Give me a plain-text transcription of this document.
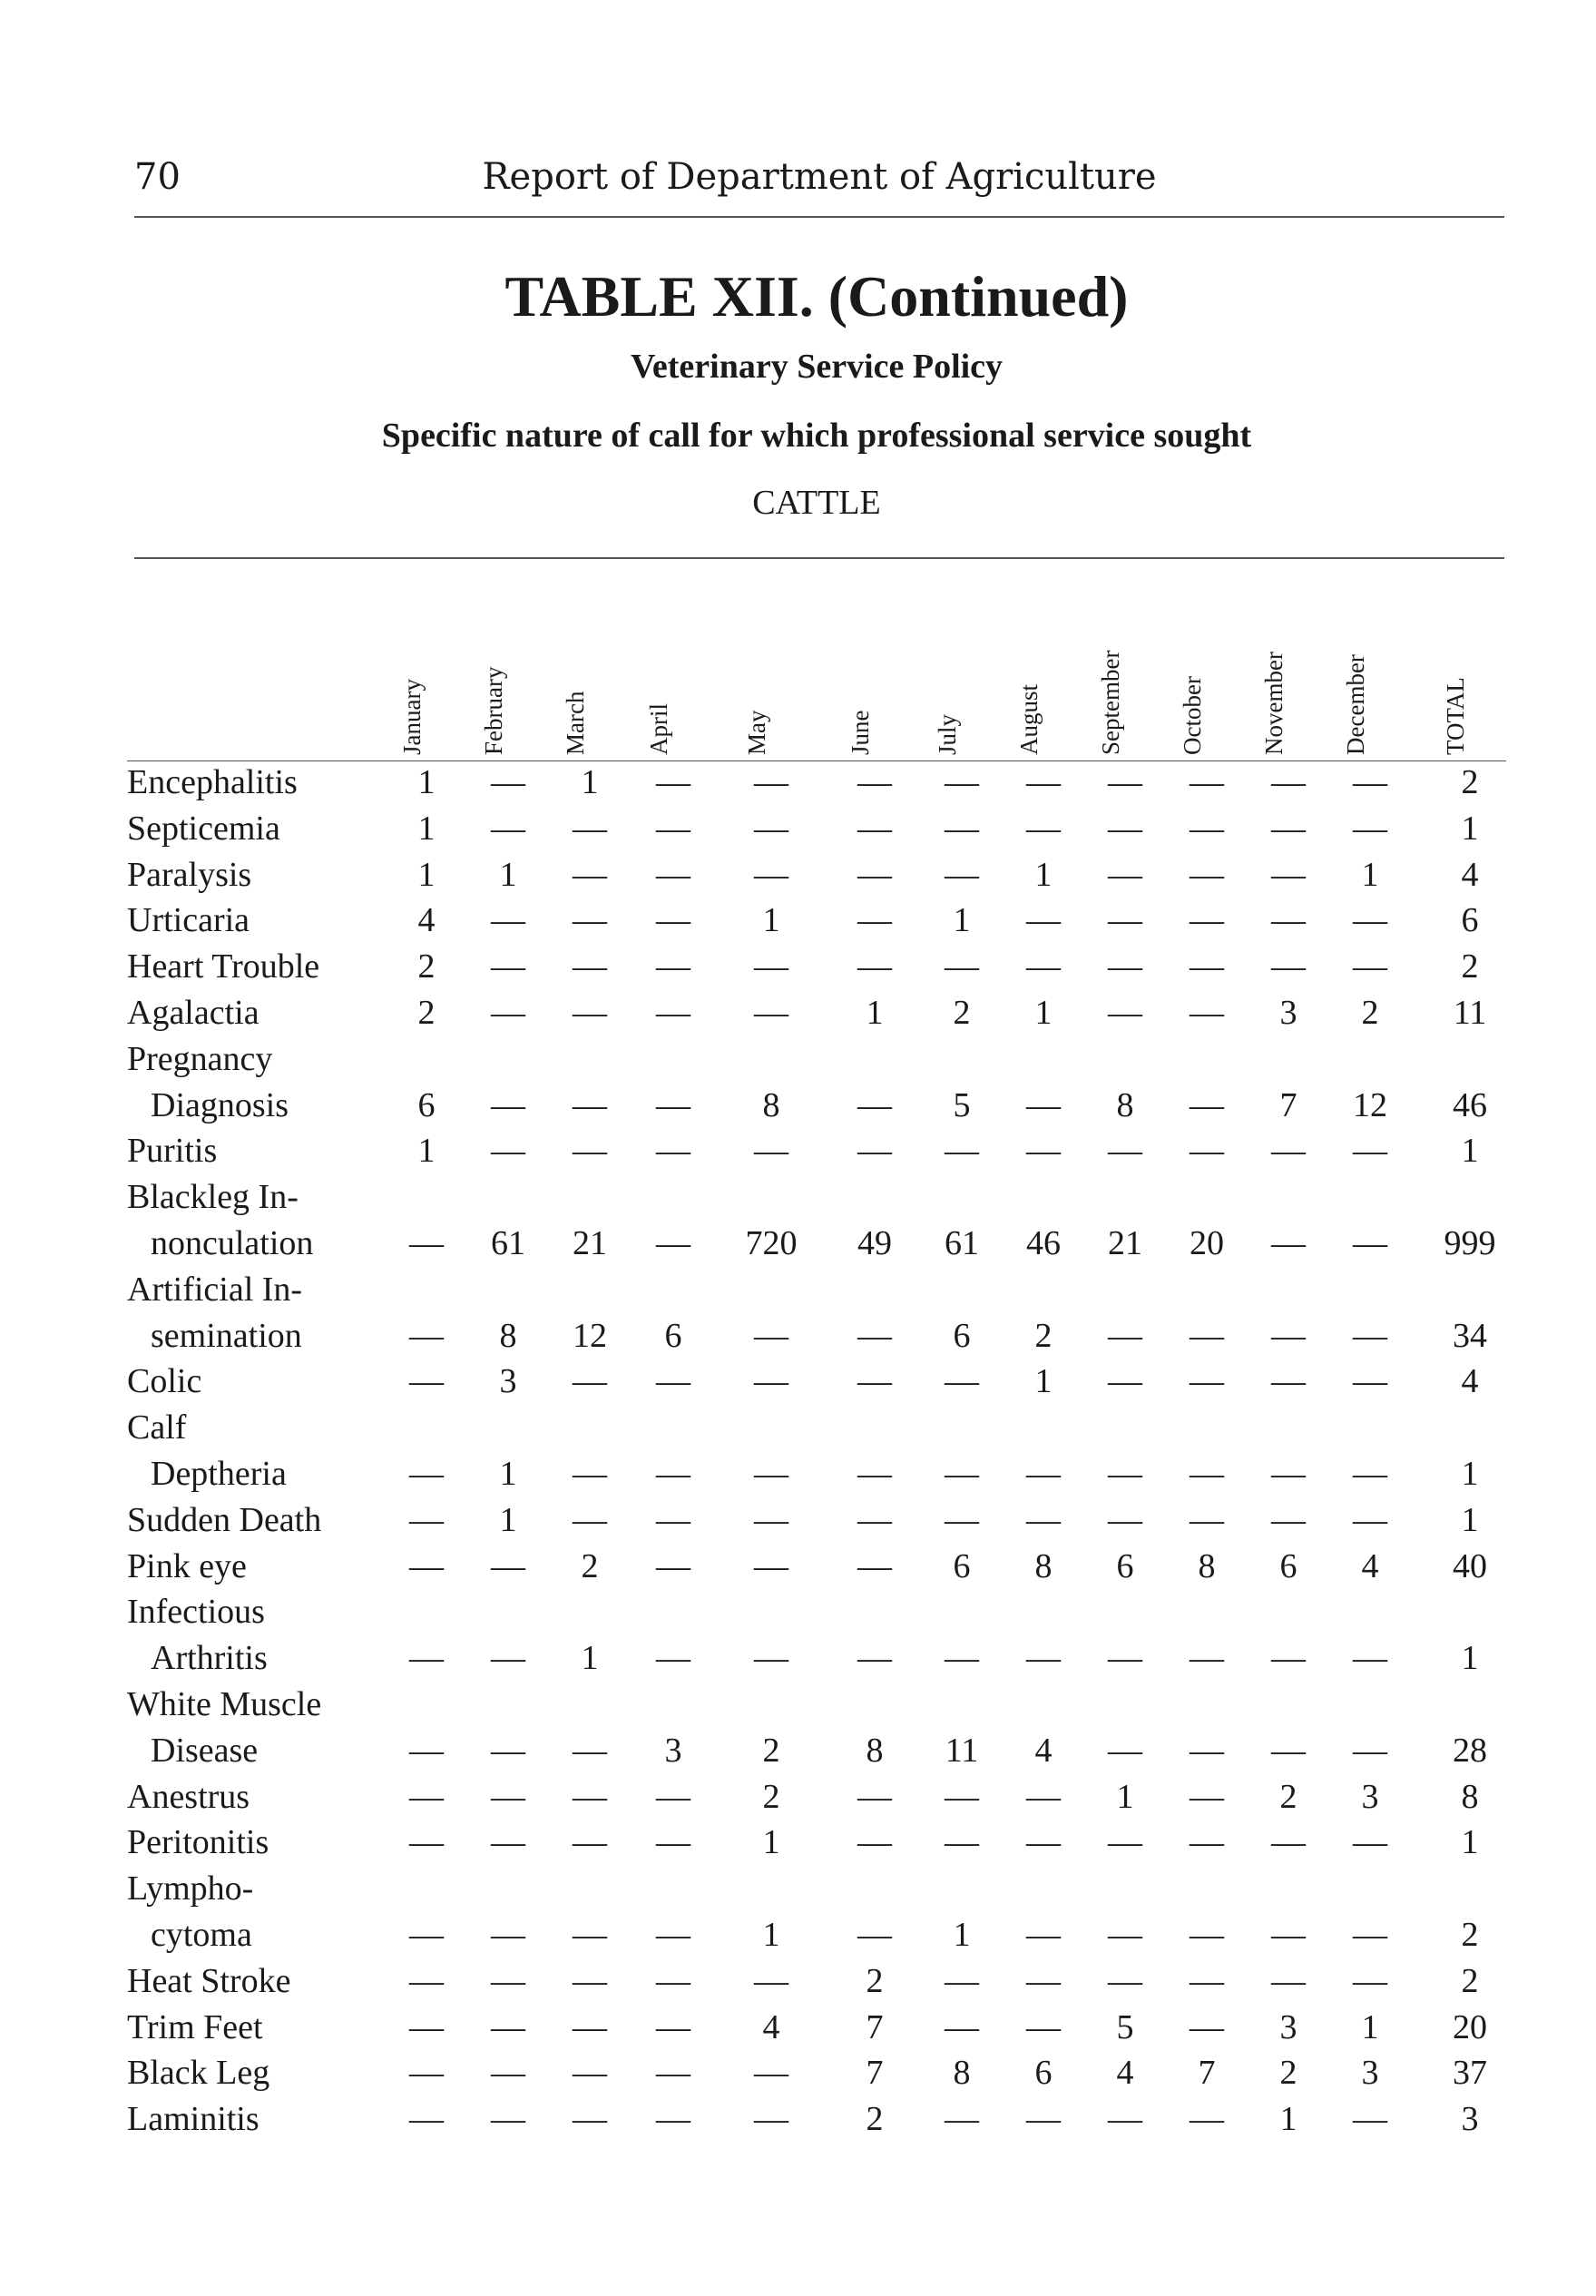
70	Report of Department of Agriculture
TABLE XII. (Continued)
Veterinary Service Policy
Specific nature of call for which professional service sought
CATTLE
January February March April	May	June July August September October November December	TOTAL
Encephalitis	1	—	1	—	—	—	—	—	—	—	—	—	2
Septicemia	1	—	—	—	—	—	—	—	—	—	—	—	1
Paralysis	1	1	—	—	—	—	—	1	—	—	—	1	4
Urticaria	4	—	—	—	1	—	1	—	—	—	—	—	6
Heart Trouble	2	—	—	—	—	—	—	—	—	—	—	—	2
Agalactia	2	—	—	—	—	1	2	1	—	—	3	2	11
Pregnancy
Diagnosis	6	—	—	—	8	—	5	—	8	—	7	12	46
Puritis	1	—	—	—	—	—	—	—	—	—	—	—	1
Blackleg In-
nonculation	—	61	21	—	720	49	61	46	21	20	—	—	999
Artificial In-
semination	—	8	12	6	—	—	6	2	—	—	—	—	34
Colic	—	3	—	—	—	—	—	1	—	—	—	—	4
Calf
Deptheria	—	1	—	—	—	—	—	—	—	—	—	—	1
Sudden Death	—	1	—	—	—	—	—	—	—	—	—	—	1
Pink eye	—	—	2	—	—	—	6	8	6	8	6	4	40
Infectious
Arthritis	—	—	1	—	—	—	—	—	—	—	—	—	1
White Muscle
Disease	—	—	—	3	2	8	11	4	—	—	—	—	28
Anestrus	—	—	—	—	2	—	—	—	1	—	2	3	8
Peritonitis	—	—	—	—	1	—	—	—	—	—	—	—	1
Lympho-
cytoma	—	—	—	—	1	—	1	—	—	—	—	—	2
Heat Stroke	—	—	—	—	—	2	—	—	—	—	—	—	2
Trim Feet	—	—	—	—	4	7	—	—	5	—	3	1	20
Black Leg	—	—	—	—	—	7	8	6	4	7	2	3	37
Laminitis	—	—	—	—	—	2	—	—	—	—	1	—	3
